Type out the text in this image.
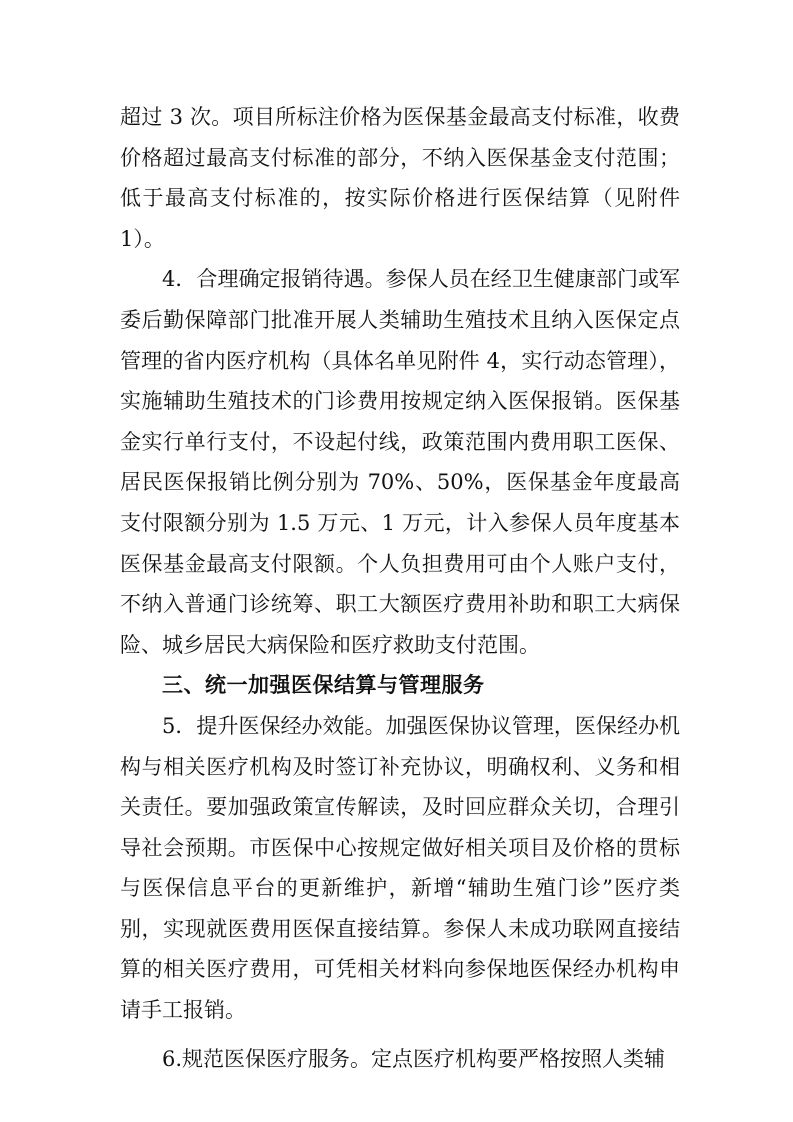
超过 3 次。项目所标注价格为医保基金最高支付标准，收费价格超过最高支付标准的部分，不纳入医保基金支付范围；低于最高支付标准的，按实际价格进行医保结算（见附件 1）。

4．合理确定报销待遇。参保人员在经卫生健康部门或军委后勤保障部门批准开展人类辅助生殖技术且纳入医保定点管理的省内医疗机构（具体名单见附件 4，实行动态管理），实施辅助生殖技术的门诊费用按规定纳入医保报销。医保基金实行单行支付，不设起付线，政策范围内费用职工医保、居民医保报销比例分别为 70%、50%，医保基金年度最高支付限额分别为 1.5 万元、1 万元，计入参保人员年度基本医保基金最高支付限额。个人负担费用可由个人账户支付，不纳入普通门诊统筹、职工大额医疗费用补助和职工大病保险、城乡居民大病保险和医疗救助支付范围。

三、统一加强医保结算与管理服务

5．提升医保经办效能。加强医保协议管理，医保经办机构与相关医疗机构及时签订补充协议，明确权利、义务和相关责任。要加强政策宣传解读，及时回应群众关切，合理引导社会预期。市医保中心按规定做好相关项目及价格的贯标与医保信息平台的更新维护，新增“辅助生殖门诊”医疗类别，实现就医费用医保直接结算。参保人未成功联网直接结算的相关医疗费用，可凭相关材料向参保地医保经办机构申请手工报销。

6.规范医保医疗服务。定点医疗机构要严格按照人类辅
